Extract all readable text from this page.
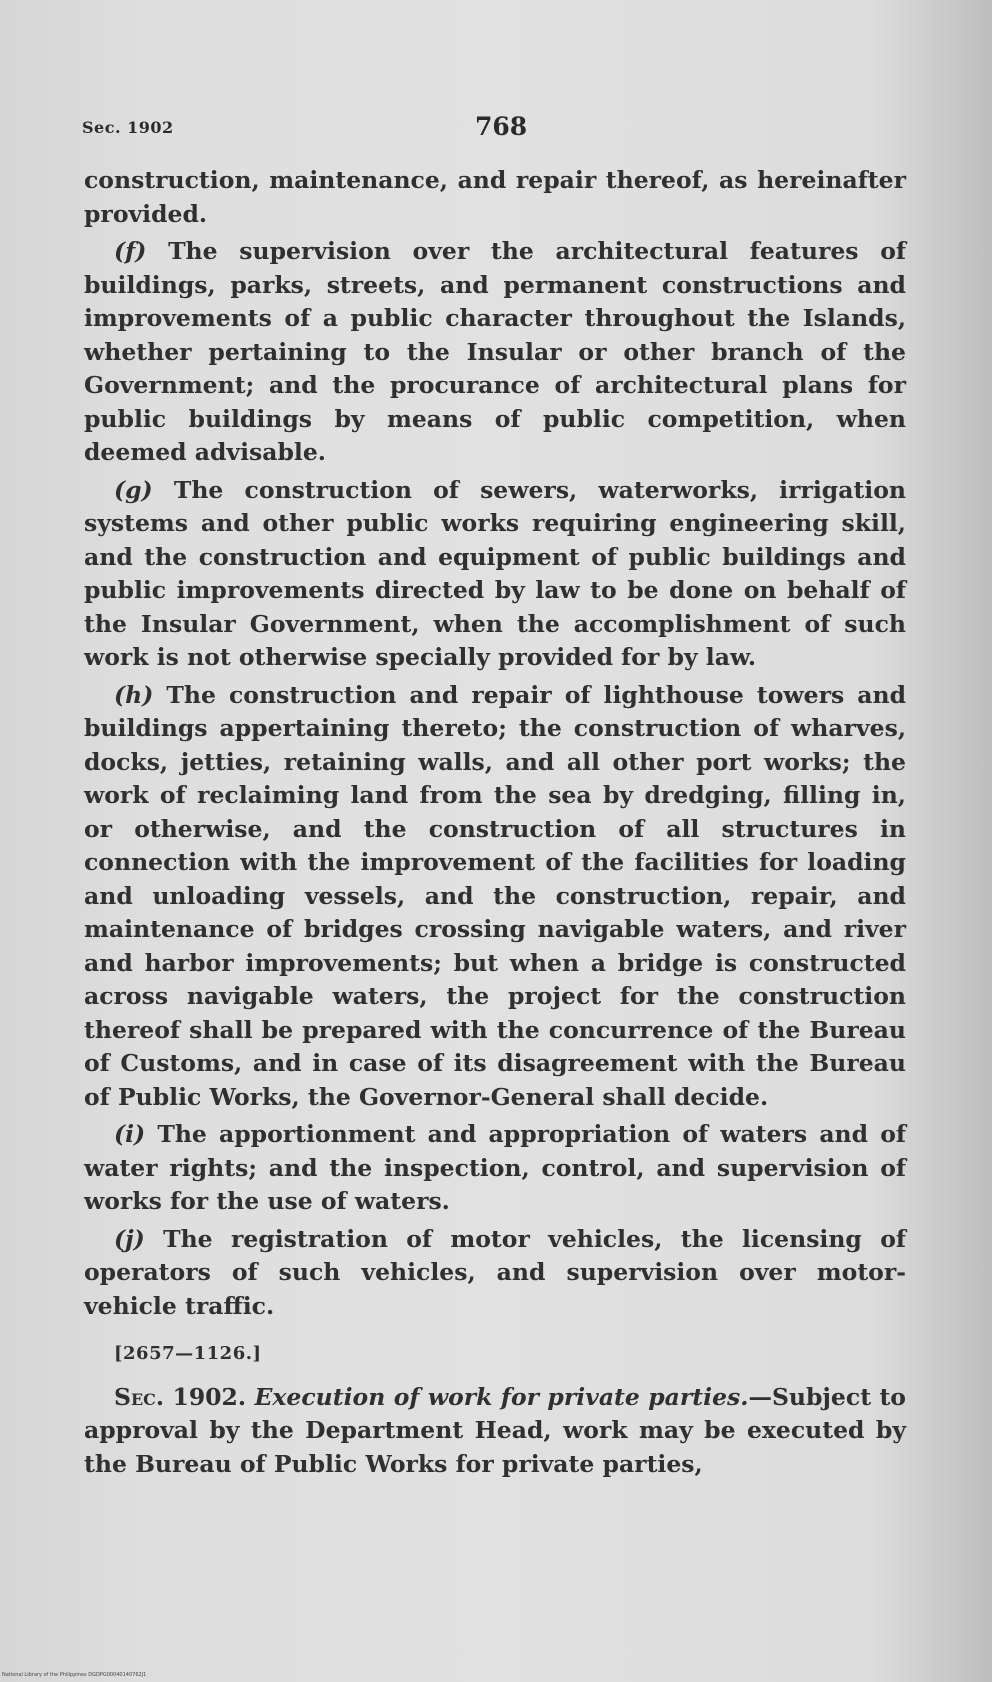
Sec. 1902	768

construction, maintenance, and repair thereof, as hereinafter provided.

(f) The supervision over the architectural features of buildings, parks, streets, and permanent constructions and improvements of a public character throughout the Islands, whether pertaining to the Insular or other branch of the Government; and the procurance of architectural plans for public buildings by means of public competition, when deemed advisable.

(g) The construction of sewers, waterworks, irrigation systems and other public works requiring engineering skill, and the construction and equipment of public buildings and public improvements directed by law to be done on behalf of the Insular Government, when the accomplishment of such work is not otherwise specially provided for by law.

(h) The construction and repair of lighthouse towers and buildings appertaining thereto; the construction of wharves, docks, jetties, retaining walls, and all other port works; the work of reclaiming land from the sea by dredging, filling in, or otherwise, and the construction of all structures in connection with the improvement of the facilities for loading and unloading vessels, and the construction, repair, and maintenance of bridges crossing navigable waters, and river and harbor improvements; but when a bridge is constructed across navigable waters, the project for the construction thereof shall be prepared with the concurrence of the Bureau of Customs, and in case of its disagreement with the Bureau of Public Works, the Governor-General shall decide.

(i) The apportionment and appropriation of waters and of water rights; and the inspection, control, and supervision of works for the use of waters.

(j) The registration of motor vehicles, the licensing of operators of such vehicles, and supervision over motor-vehicle traffic.

[2657—1126.]

Sec. 1902. Execution of work for private parties.—Subject to approval by the Department Head, work may be executed by the Bureau of Public Works for private parties,

National Library of the Philippines DGDPG00040140762J1
